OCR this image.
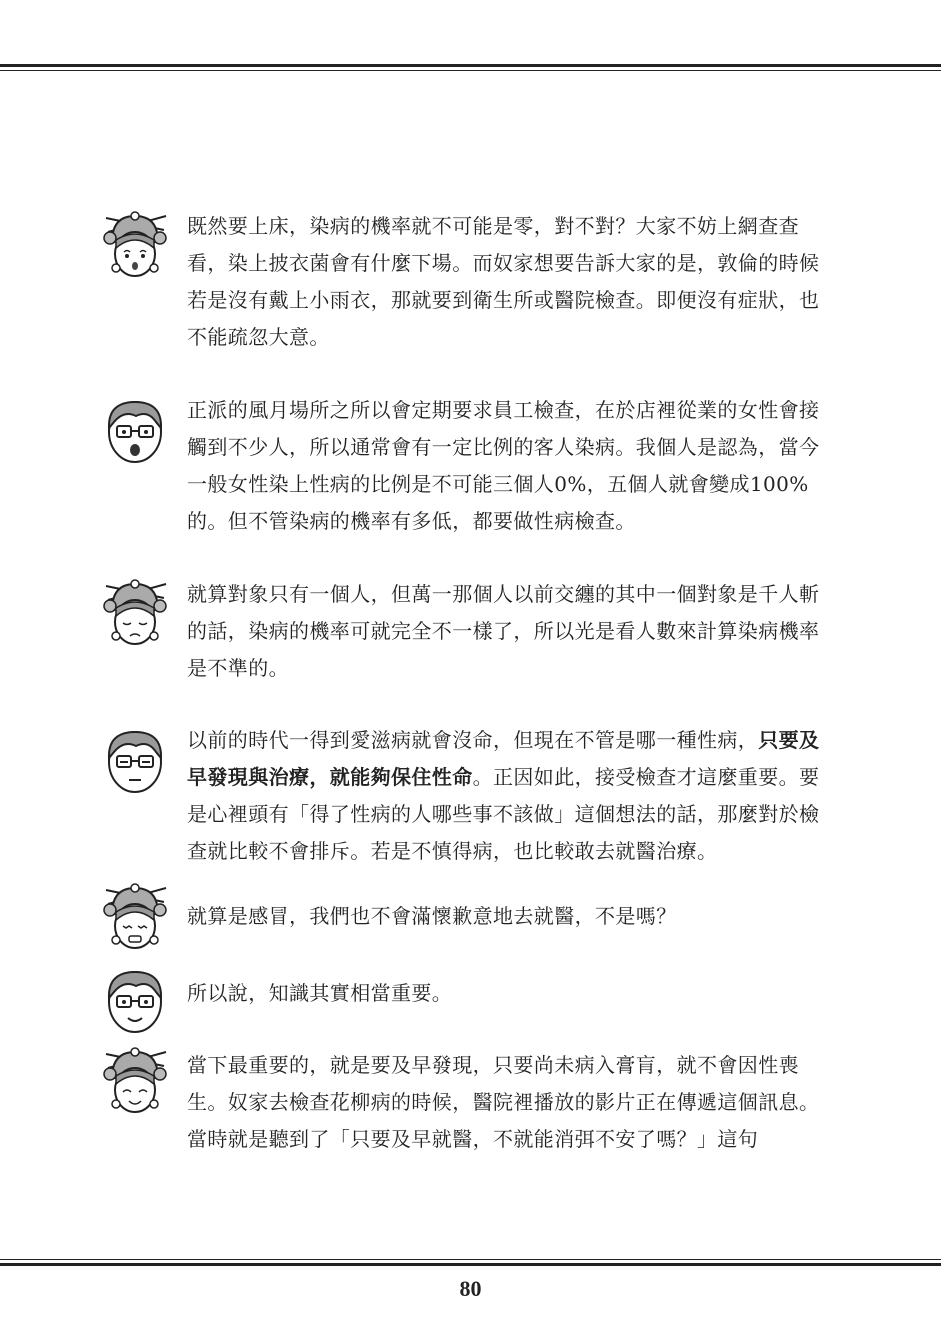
既然要上床，染病的機率就不可能是零，對不對？大家不妨上網查查看，染上披衣菌會有什麼下場。而奴家想要告訴大家的是，敦倫的時候若是沒有戴上小雨衣，那就要到衛生所或醫院檢查。即便沒有症狀，也不能疏忽大意。

正派的風月場所之所以會定期要求員工檢查，在於店裡從業的女性會接觸到不少人，所以通常會有一定比例的客人染病。我個人是認為，當今一般女性染上性病的比例是不可能三個人0%，五個人就會變成100%的。但不管染病的機率有多低，都要做性病檢查。

就算對象只有一個人，但萬一那個人以前交纏的其中一個對象是千人斬的話，染病的機率可就完全不一樣了，所以光是看人數來計算染病機率是不準的。

以前的時代一得到愛滋病就會沒命，但現在不管是哪一種性病，只要及早發現與治療，就能夠保住性命。正因如此，接受檢查才這麼重要。要是心裡頭有「得了性病的人哪些事不該做」這個想法的話，那麼對於檢查就比較不會排斥。若是不慎得病，也比較敢去就醫治療。

就算是感冒，我們也不會滿懷歉意地去就醫，不是嗎？

所以說，知識其實相當重要。

當下最重要的，就是要及早發現，只要尚未病入膏肓，就不會因性喪生。奴家去檢查花柳病的時候，醫院裡播放的影片正在傳遞這個訊息。當時就是聽到了「只要及早就醫，不就能消弭不安了嗎？」這句

80
